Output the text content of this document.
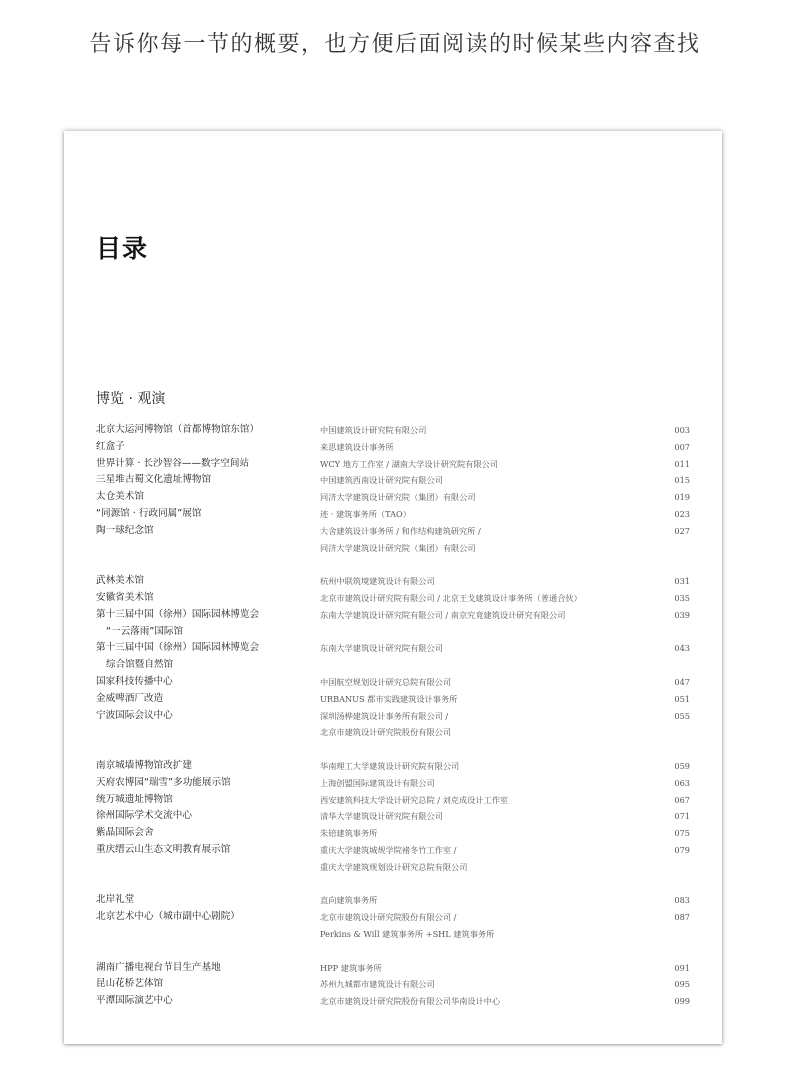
告诉你每一节的概要，也方便后面阅读的时候某些内容查找
目录
博览 · 观演
北京大运河博物馆（首都博物馆东馆）	中国建筑设计研究院有限公司	003
红盒子	来思建筑设计事务所	007
世界计算 · 长沙智谷——数字空间站	WCY 地方工作室 / 湖南大学设计研究院有限公司	011
三星堆古蜀文化遗址博物馆	中国建筑西南设计研究院有限公司	015
太仓美术馆	同济大学建筑设计研究院（集团）有限公司	019
“同源馆 · 行政同属”展馆	迹 · 建筑事务所（TAO）	023
陶一球纪念馆	大舍建筑设计事务所 / 和作结构建筑研究所 /	027
同济大学建筑设计研究院（集团）有限公司
武林美术馆	杭州中联筑境建筑设计有限公司	031
安徽省美术馆	北京市建筑设计研究院有限公司 / 北京王戈建筑设计事务所（普通合伙）	035
第十三届中国（徐州）国际园林博览会	东南大学建筑设计研究院有限公司 / 南京究竟建筑设计研究有限公司	039
“一云落雨”国际馆
第十三届中国（徐州）国际园林博览会	东南大学建筑设计研究院有限公司	043
综合馆暨自然馆
国家科技传播中心	中国航空规划设计研究总院有限公司	047
金威啤酒厂改造	URBANUS 都市实践建筑设计事务所	051
宁波国际会议中心	深圳汤桦建筑设计事务所有限公司 /	055
北京市建筑设计研究院股份有限公司
南京城墙博物馆改扩建	华南理工大学建筑设计研究院有限公司	059
天府农博园“瑞雪”多功能展示馆	上海创盟国际建筑设计有限公司	063
统万城遗址博物馆	西安建筑科技大学设计研究总院 / 刘克成设计工作室	067
徐州国际学术交流中心	清华大学建筑设计研究院有限公司	071
紫晶国际会舍	朱锫建筑事务所	075
重庆缙云山生态文明教育展示馆	重庆大学建筑城规学院褚冬竹工作室 /	079
重庆大学建筑规划设计研究总院有限公司
北岸礼堂	直向建筑事务所	083
北京艺术中心（城市副中心剧院）	北京市建筑设计研究院股份有限公司 /	087
Perkins & Will 建筑事务所 +SHL 建筑事务所
湖南广播电视台节目生产基地	HPP 建筑事务所	091
昆山花桥艺体馆	苏州九城都市建筑设计有限公司	095
平潭国际演艺中心	北京市建筑设计研究院股份有限公司华南设计中心	099
